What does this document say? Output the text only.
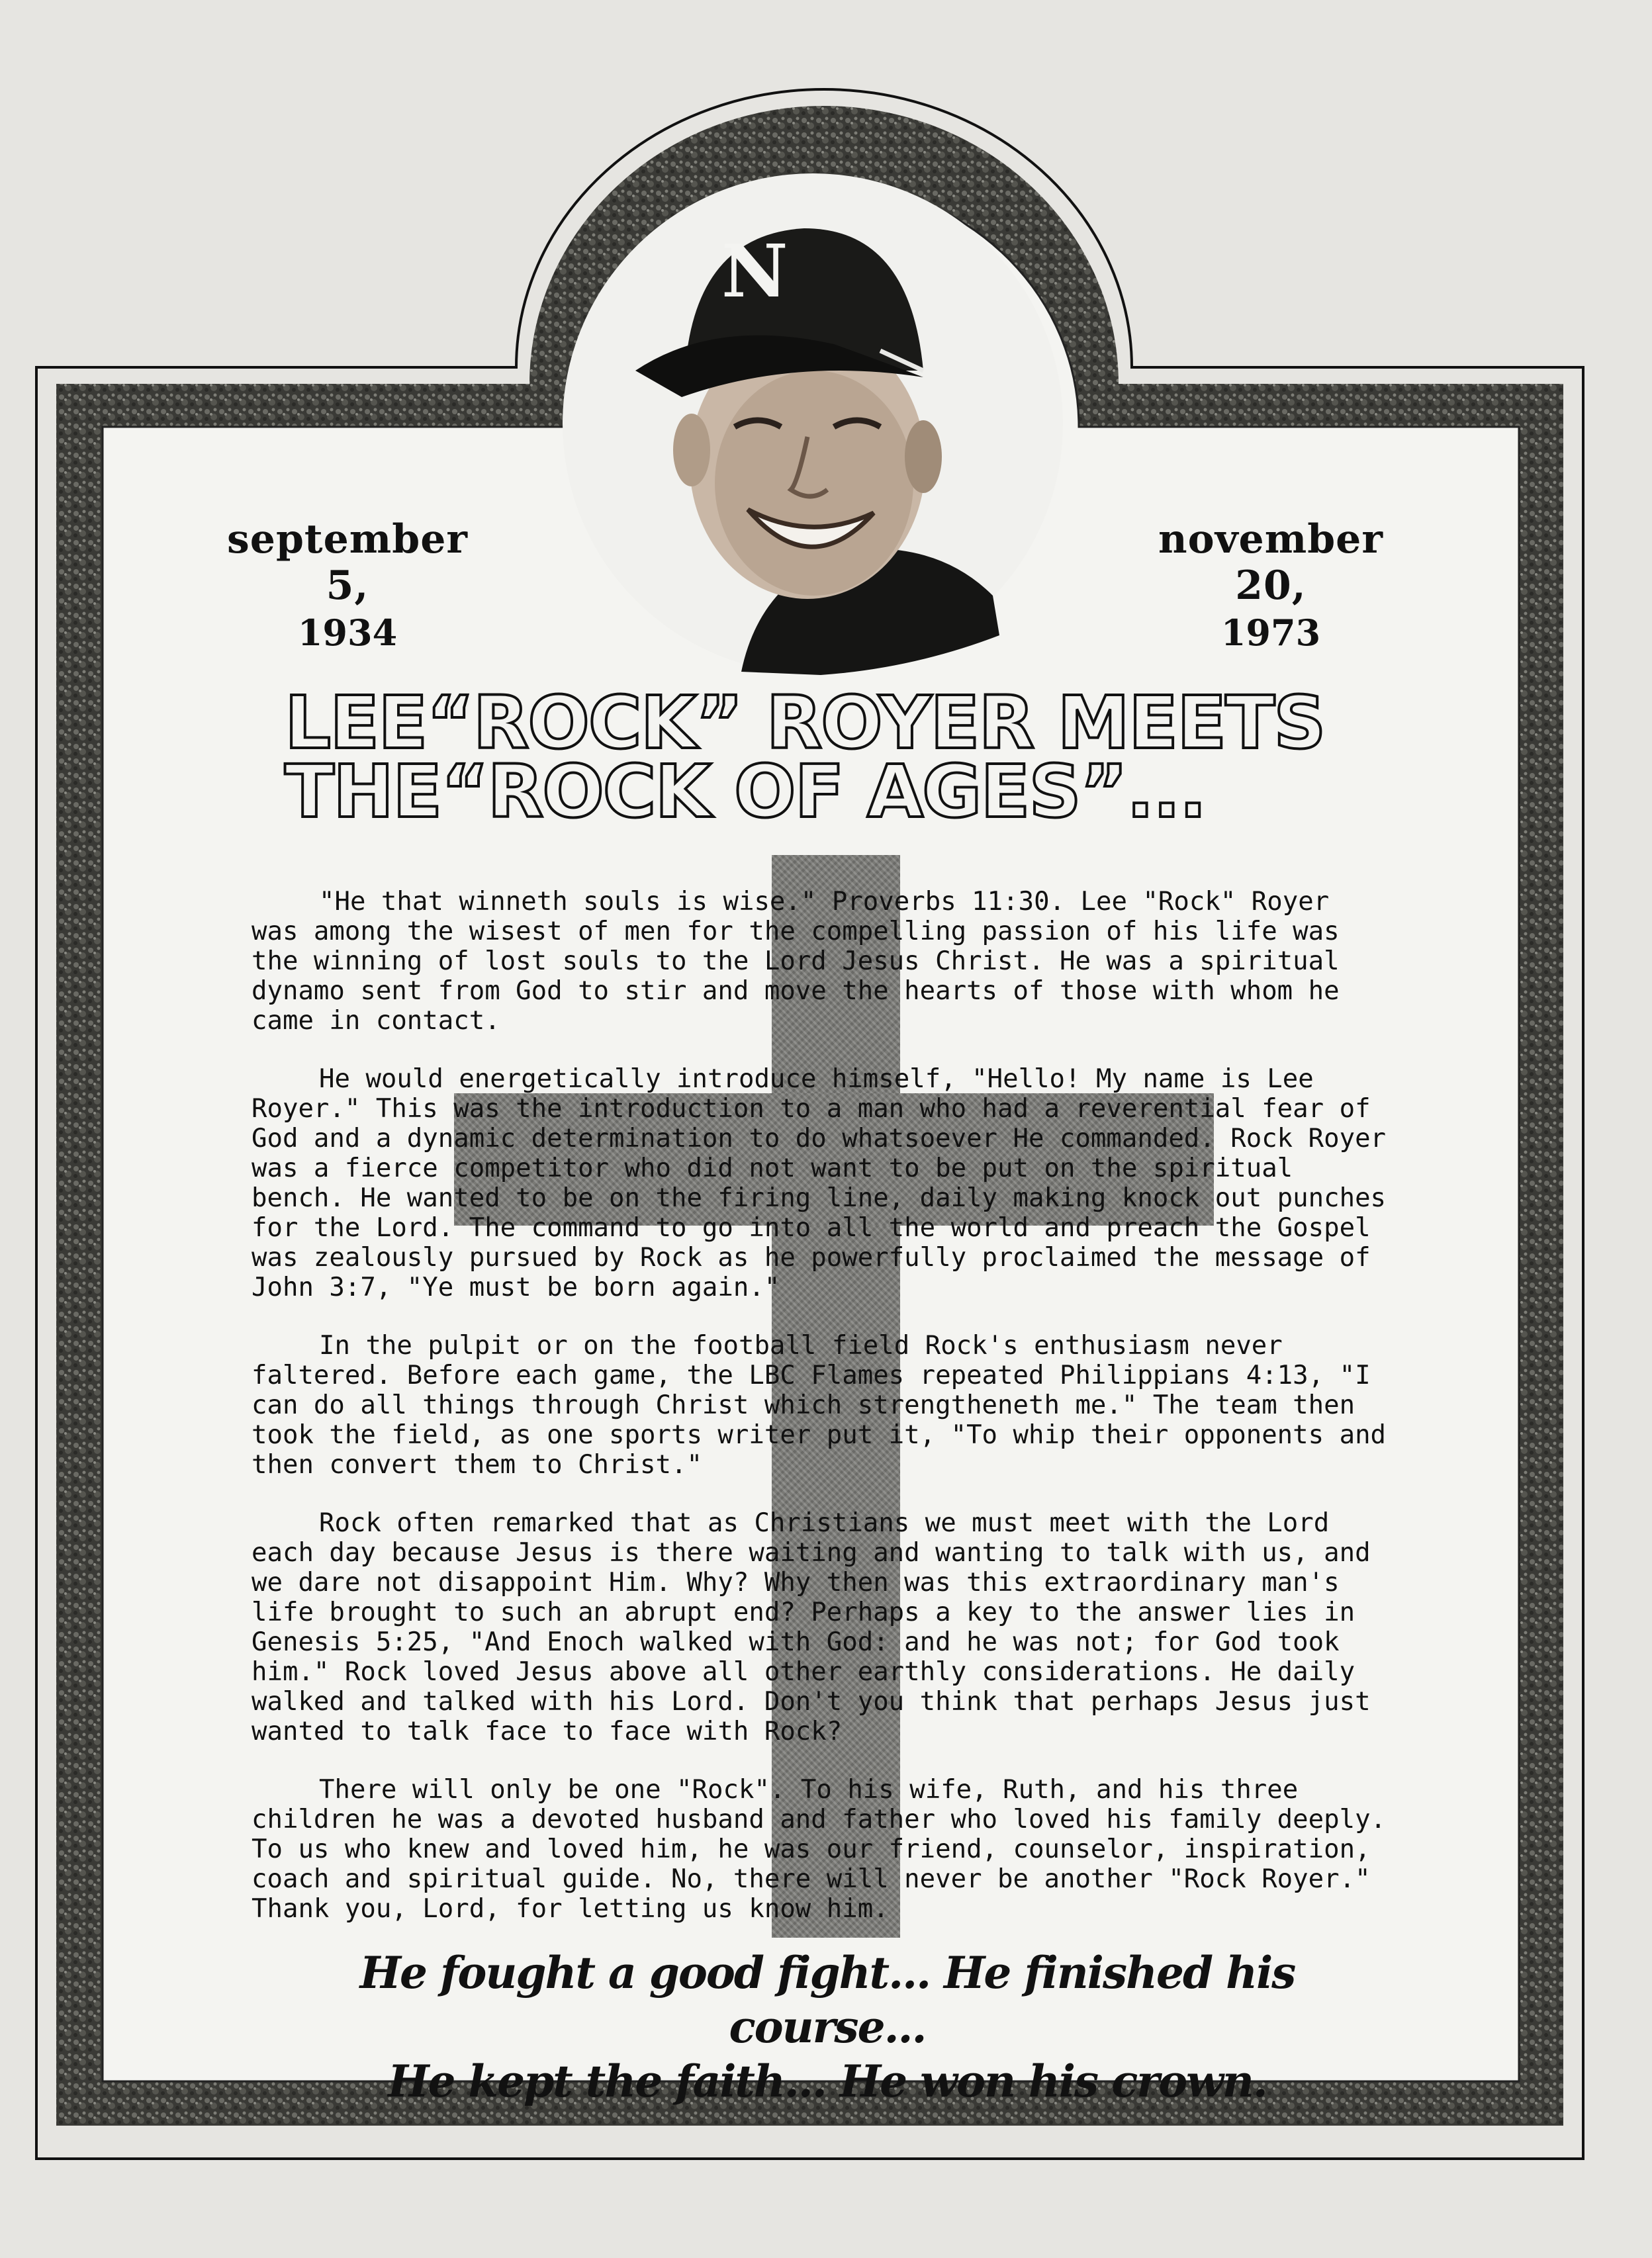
N
september 5,
1934
november 20,
1973
LEE“ROCK” ROYER MEETS
THE“ROCK OF AGES”...

"He that winneth souls is wise." Proverbs 11:30. Lee "Rock" Royer was among the wisest of men for the compelling passion of his life was the winning of lost souls to the Lord Jesus Christ. He was a spiritual dynamo sent from God to stir and move the hearts of those with whom he came in contact.

He would energetically introduce himself, "Hello! My name is Lee Royer." This was the introduction to a man who had a reverential fear of God and a dynamic determination to do whatsoever He commanded. Rock Royer was a fierce competitor who did not want to be put on the spiritual bench. He wanted to be on the firing line, daily making knock out punches for the Lord. The command to go into all the world and preach the Gospel was zealously pursued by Rock as he powerfully proclaimed the message of John 3:7, "Ye must be born again."

In the pulpit or on the football field Rock's enthusiasm never faltered. Before each game, the LBC Flames repeated Philippians 4:13, "I can do all things through Christ which strengtheneth me." The team then took the field, as one sports writer put it, "To whip their opponents and then convert them to Christ."

Rock often remarked that as Christians we must meet with the Lord each day because Jesus is there waiting and wanting to talk with us, and we dare not disappoint Him. Why? Why then was this extraordinary man's life brought to such an abrupt end? Perhaps a key to the answer lies in Genesis 5:25, "And Enoch walked with God: and he was not; for God took him." Rock loved Jesus above all other earthly considerations. He daily walked and talked with his Lord. Don't you think that perhaps Jesus just wanted to talk face to face with Rock?

There will only be one "Rock". To his wife, Ruth, and his three children he was a devoted husband and father who loved his family deeply. To us who knew and loved him, he was our friend, counselor, inspiration, coach and spiritual guide. No, there will never be another "Rock Royer." Thank you, Lord, for letting us know him.

He fought a good fight... He finished his course...
He kept the faith... He won his crown.
